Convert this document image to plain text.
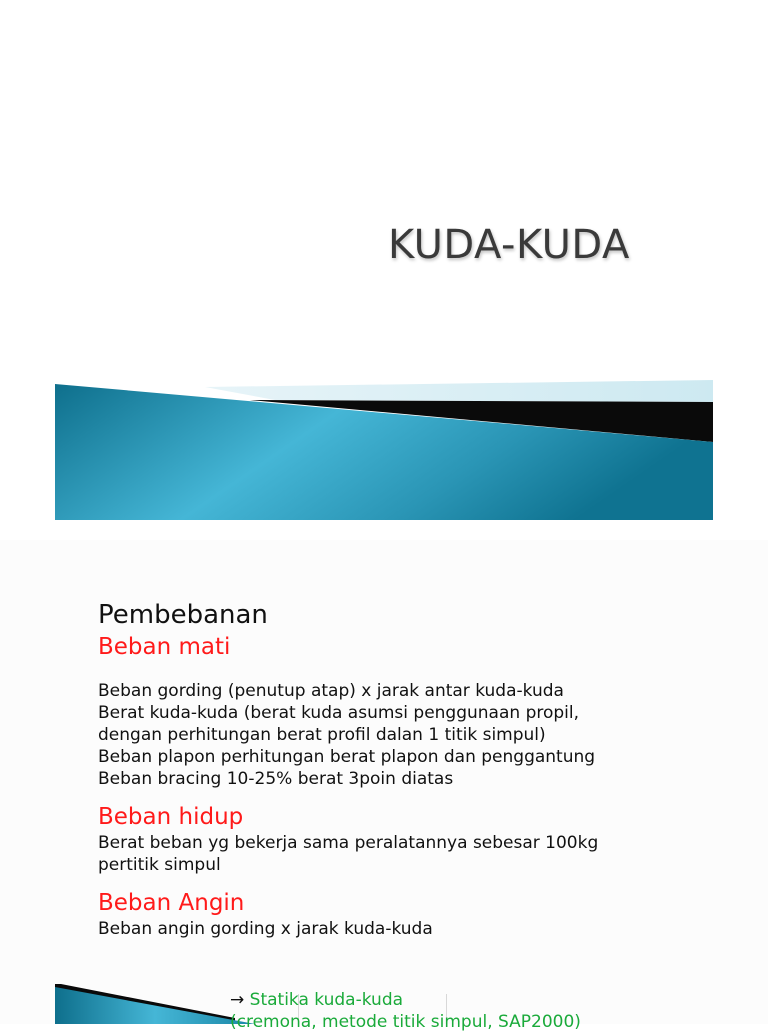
KUDA-KUDA

Pembebanan

Beban mati

Beban gording (penutup atap) x jarak antar kuda-kuda

Berat kuda-kuda (berat kuda asumsi penggunaan propil,

dengan perhitungan berat profil dalan 1 titik simpul)

Beban plapon perhitungan berat plapon dan penggantung

Beban bracing 10-25% berat 3poin diatas

Beban hidup

Berat beban yg bekerja sama peralatannya sebesar 100kg

pertitik simpul

Beban Angin

Beban angin gording x jarak kuda-kuda

→ Statika kuda-kuda
(cremona, metode titik simpul, SAP2000)
